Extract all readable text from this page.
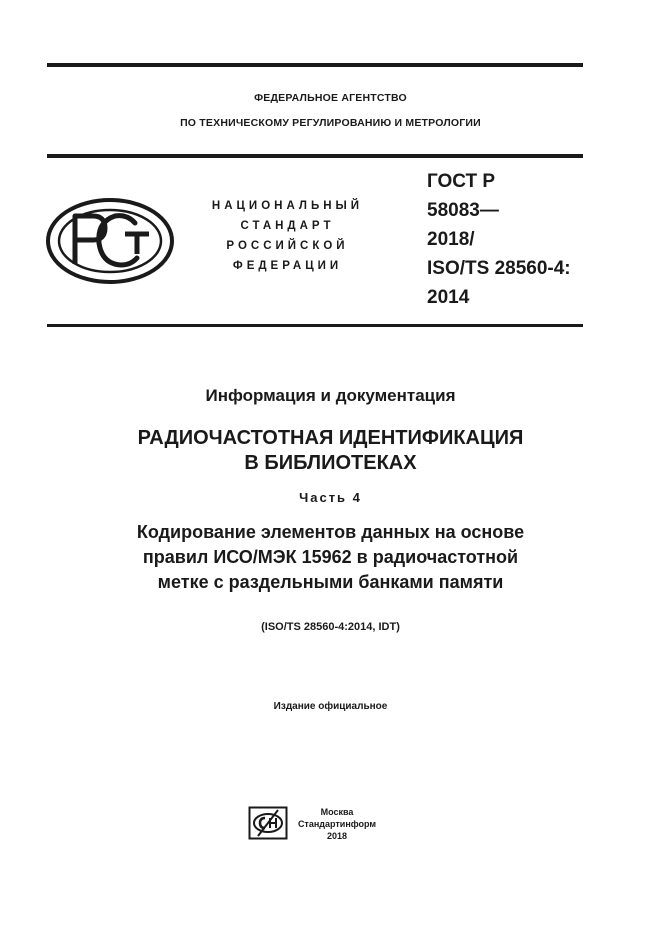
ФЕДЕРАЛЬНОЕ АГЕНТСТВО
ПО ТЕХНИЧЕСКОМУ РЕГУЛИРОВАНИЮ И МЕТРОЛОГИИ
НАЦИОНАЛЬНЫЙ
СТАНДАРТ
РОССИЙСКОЙ
ФЕДЕРАЦИИ
ГОСТ Р
58083—
2018/
ISO/TS 28560-4:
2014
Информация и документация
РАДИОЧАСТОТНАЯ ИДЕНТИФИКАЦИЯ
В БИБЛИОТЕКАХ
Часть 4
Кодирование элементов данных на основе
правил ИСО/МЭК 15962 в радиочастотной
метке с раздельными банками памяти
(ISO/TS 28560-4:2014, IDT)
Издание официальное
Москва
Стандартинформ
2018
